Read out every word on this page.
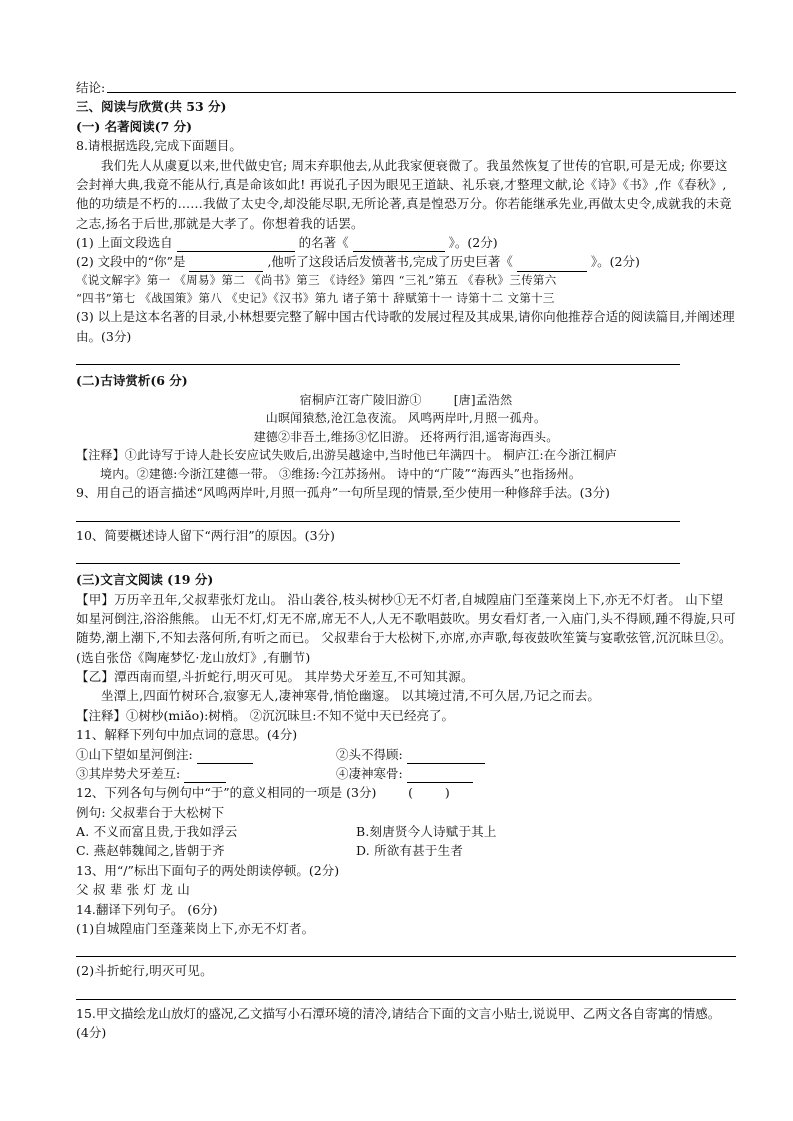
结论:
三、阅读与欣赏(共 53 分)
(一) 名著阅读(7 分)
8.请根据选段,完成下面题目。
我们先人从虞夏以来,世代做史官; 周末弃职他去,从此我家便衰微了。我虽然恢复了世传的官职,可是无成; 你要这会封禅大典,我竟不能从行,真是命该如此! 再说孔子因为眼见王道缺、礼乐衰,才整理文献,论《诗》《书》,作《春秋》,他的功绩是不朽的……我做了太史令,却没能尽职,无所论著,真是惶恐万分。你若能继承先业,再做太史令,成就我的未竟之志,扬名于后世,那就是大孝了。你想着我的话罢。
(1) 上面文段选自	的名著《	》。(2分)
(2) 文段中的“你”是	,他听了这段话后发愤著书,完成了历史巨著《	》。(2分)
《说文解字》第一 《周易》第二 《尚书》第三 《诗经》第四 “三礼”第五 《春秋》三传第六
“四书”第七 《战国策》第八 《史记》《汉书》第九 诸子第十 辞赋第十一 诗第十二 文第十三
(3) 以上是这本名著的目录,小林想要完整了解中国古代诗歌的发展过程及其成果,请你向他推荐合适的阅读篇目,并阐述理由。(3分)
(二)古诗赏析(6 分)
宿桐庐江寄广陵旧游①        [唐]孟浩然
山暝闻猿愁,沧江急夜流。 风鸣两岸叶,月照一孤舟。
建德②非吾土,维扬③忆旧游。 还将两行泪,遥寄海西头。
【注释】①此诗写于诗人赴长安应试失败后,出游吴越途中,当时他已年满四十。 桐庐江:在今浙江桐庐
境内。②建德:今浙江建德一带。 ③维扬:今江苏扬州。 诗中的“广陵”“海西头”也指扬州。
9、用自己的语言描述“风鸣两岸叶,月照一孤舟”一句所呈现的情景,至少使用一种修辞手法。(3分)
10、简要概述诗人留下“两行泪”的原因。(3分)
(三)文言文阅读 (19 分)
【甲】万历辛丑年,父叔辈张灯龙山。 沿山袭谷,枝头树杪①无不灯者,自城隍庙门至蓬莱岗上下,亦无不灯者。 山下望如星河倒注,浴浴熊熊。 山无不灯,灯无不席,席无不人,人无不歌唱鼓吹。男女看灯者,一入庙门,头不得顾,踵不得旋,只可随势,潮上潮下,不知去落何所,有听之而已。 父叔辈台于大松树下,亦席,亦声歌,每夜鼓吹笙簧与宴歌弦管,沉沉昧旦②。 (选自张岱《陶庵梦忆·龙山放灯》,有删节)
【乙】潭西南而望,斗折蛇行,明灭可见。 其岸势犬牙差互,不可知其源。
坐潭上,四面竹树环合,寂寥无人,凄神寒骨,悄怆幽邃。 以其境过清,不可久居,乃记之而去。
【注释】①树杪(miǎo):树梢。 ②沉沉昧旦:不知不觉中天已经亮了。
11、解释下列句中加点词的意思。(4分)
①山下望如星河倒注:	②头不得顾:
③其岸势犬牙差互:	④凄神寒骨:
12、下列各句与例句中“于”的意义相同的一项是 (3分)        (        )
例句: 父叔辈台于大松树下
A. 不义而富且贵,于我如浮云	B.刻唐贤今人诗赋于其上
C. 燕赵韩魏闻之,皆朝于齐	D. 所欲有甚于生者
13、用“/”标出下面句子的两处朗读停顿。(2分)
父 叔 辈 张 灯 龙 山
14.翻译下列句子。 (6分)
(1)自城隍庙门至蓬莱岗上下,亦无不灯者。
(2)斗折蛇行,明灭可见。
15.甲文描绘龙山放灯的盛况,乙文描写小石潭环境的清冷,请结合下面的文言小贴士,说说甲、乙两文各自寄寓的情感。 (4分)
